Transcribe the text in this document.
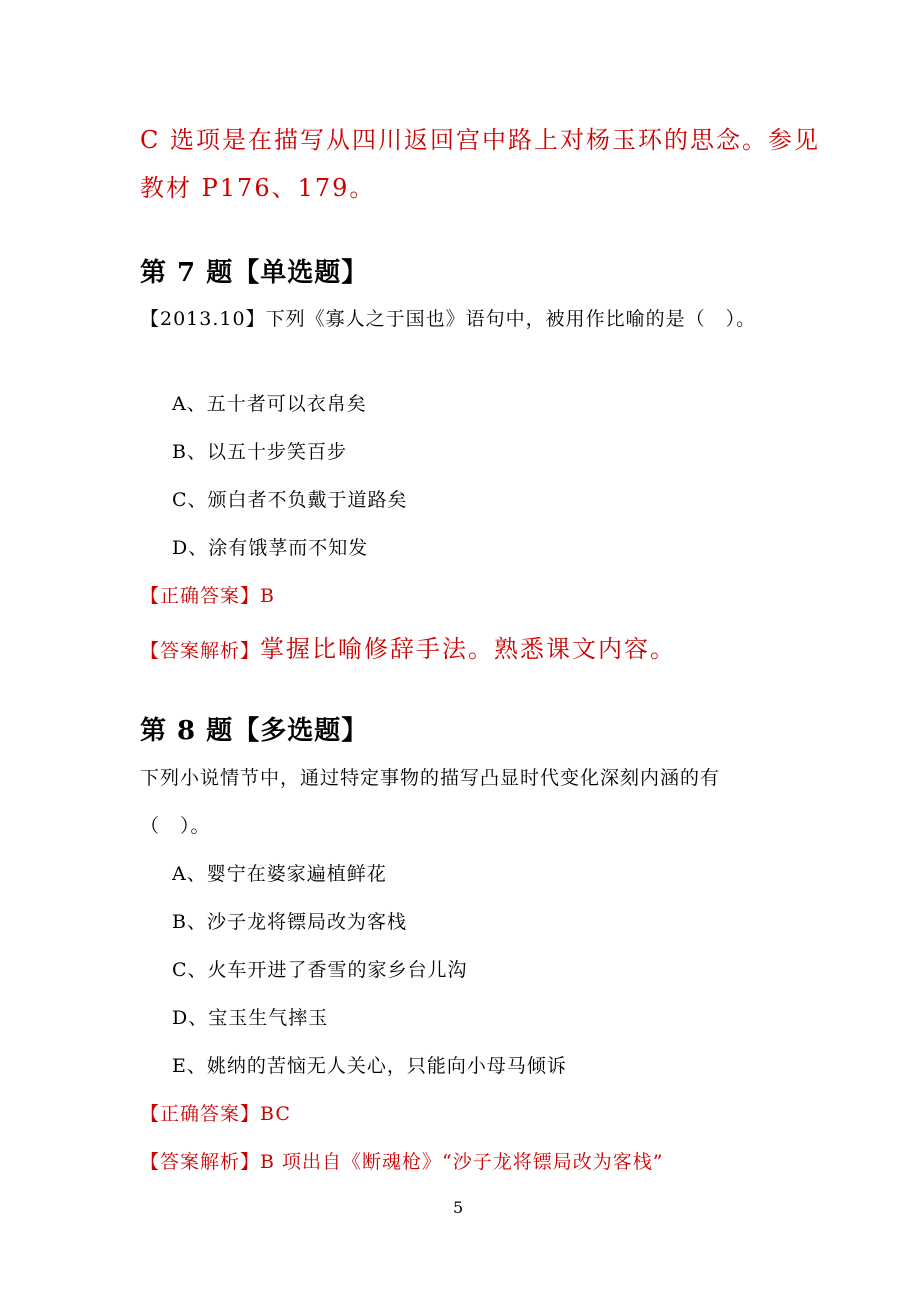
C 选项是在描写从四川返回宫中路上对杨玉环的思念。参见
教材 P176、179。
第 7 题【单选题】
【2013.10】下列《寡人之于国也》语句中，被用作比喻的是（　）。
A、五十者可以衣帛矣
B、以五十步笑百步
C、颁白者不负戴于道路矣
D、涂有饿莩而不知发
【正确答案】B
【答案解析】掌握比喻修辞手法。熟悉课文内容。
第 8 题【多选题】
下列小说情节中，通过特定事物的描写凸显时代变化深刻内涵的有
（　）。
A、婴宁在婆家遍植鲜花
B、沙子龙将镖局改为客栈
C、火车开进了香雪的家乡台儿沟
D、宝玉生气摔玉
E、姚纳的苦恼无人关心，只能向小母马倾诉
【正确答案】BC
【答案解析】B 项出自《断魂枪》“沙子龙将镖局改为客栈”
5
